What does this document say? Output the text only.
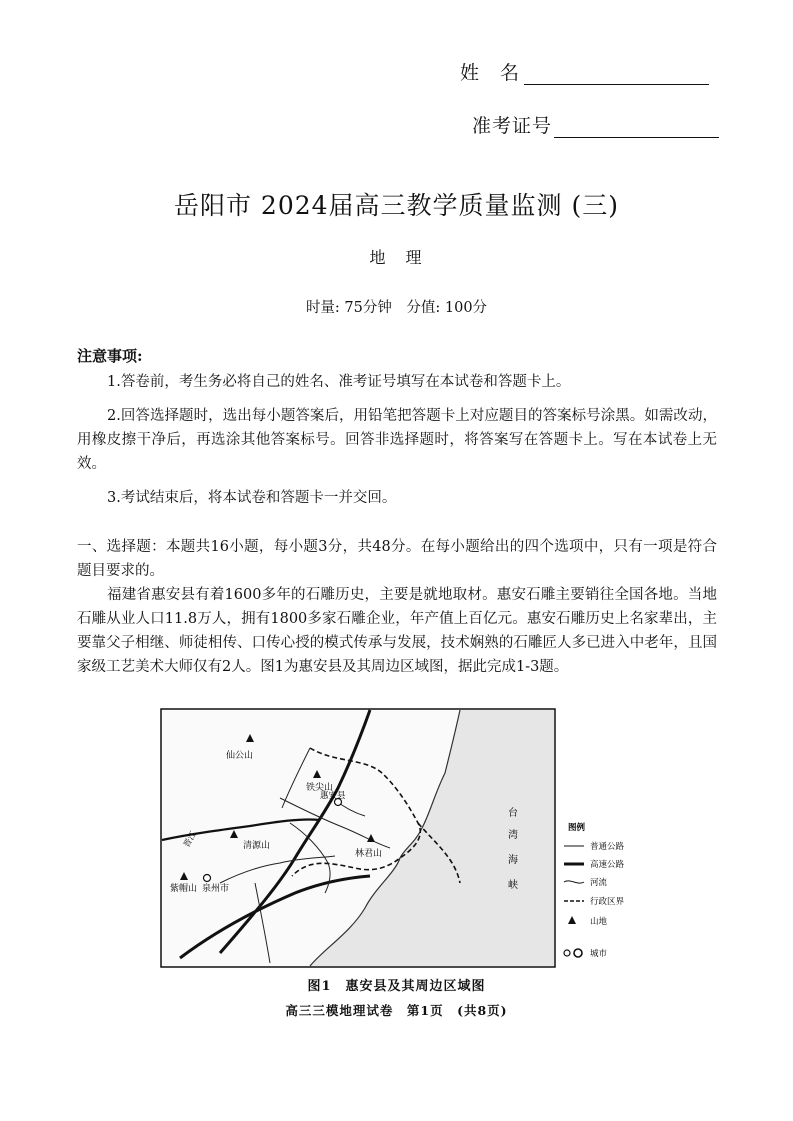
姓　名
准考证号
岳阳市 2024届高三教学质量监测 (三)
地　理
时量: 75分钟　分值: 100分
注意事项:
1.答卷前，考生务必将自己的姓名、准考证号填写在本试卷和答题卡上。
2.回答选择题时，选出每小题答案后，用铅笔把答题卡上对应题目的答案标号涂黑。如需改动，用橡皮擦干净后，再选涂其他答案标号。回答非选择题时，将答案写在答题卡上。写在本试卷上无效。
3.考试结束后，将本试卷和答题卡一并交回。
一、选择题：本题共16小题，每小题3分，共48分。在每小题给出的四个选项中，只有一项是符合题目要求的。
福建省惠安县有着1600多年的石雕历史，主要是就地取材。惠安石雕主要销往全国各地。当地石雕从业人口11.8万人，拥有1800多家石雕企业，年产值上百亿元。惠安石雕历史上名家辈出，主要靠父子相继、师徒相传、口传心授的模式传承与发展，技术娴熟的石雕匠人多已进入中老年，且国家级工艺美术大师仅有2人。图1为惠安县及其周边区域图，据此完成1-3题。
仙公山
铁尖山
惠安县
清源山
林君山
紫帽山 泉州市
晋江
台
湾
海
峡
图例
普通公路
高速公路
河流
行政区界
山地
城市
图1　惠安县及其周边区域图
高三三模地理试卷　第1页　(共8页)
